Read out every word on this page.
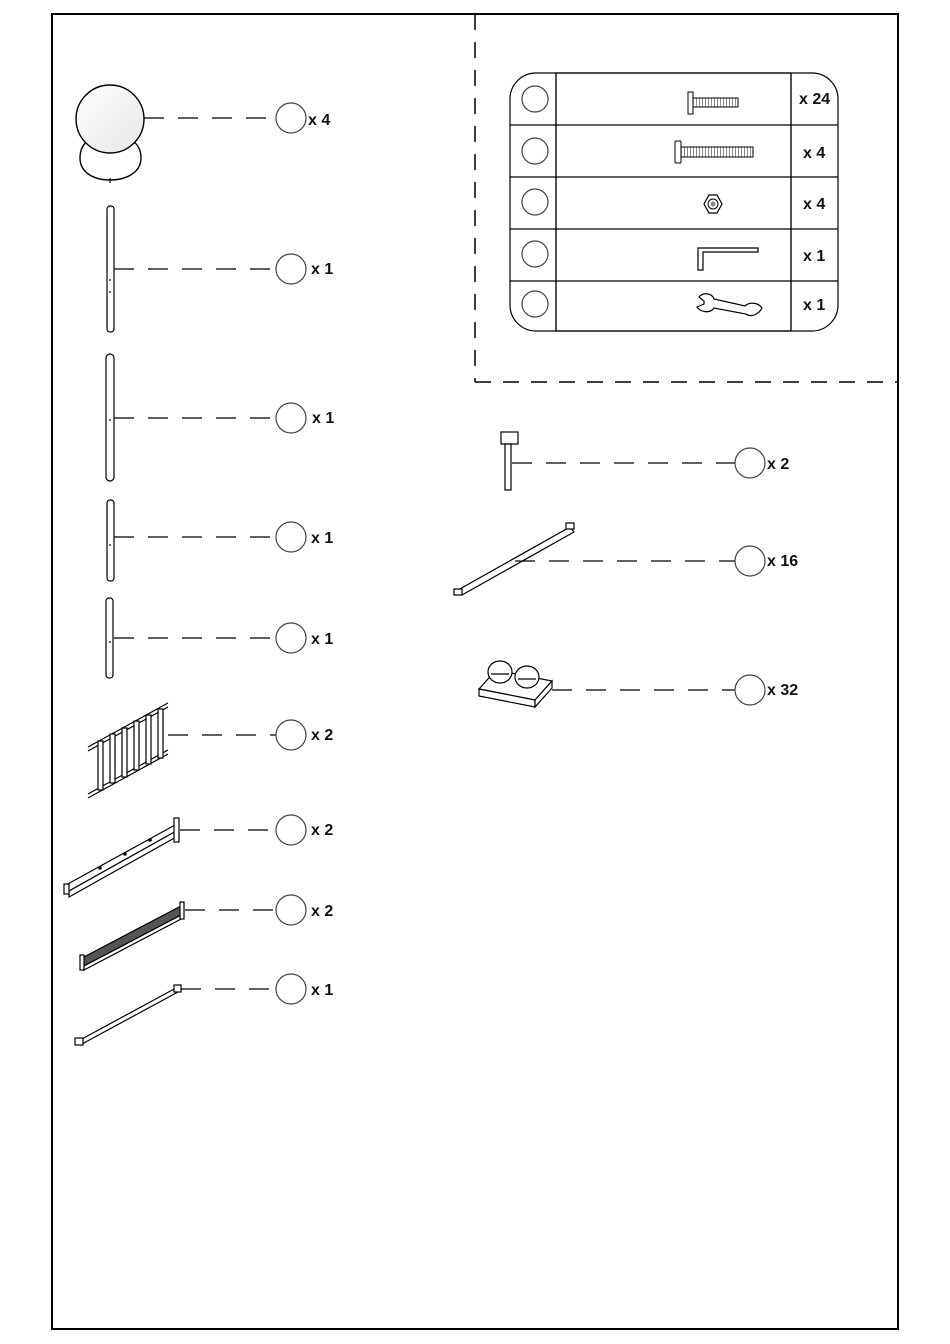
x 24
x 4
x 4
x 1
x 1
x 4
x 1
x 1
x 1
x 1
x 2
x 2
x 2
x 1
x 2
x 16
x 32
